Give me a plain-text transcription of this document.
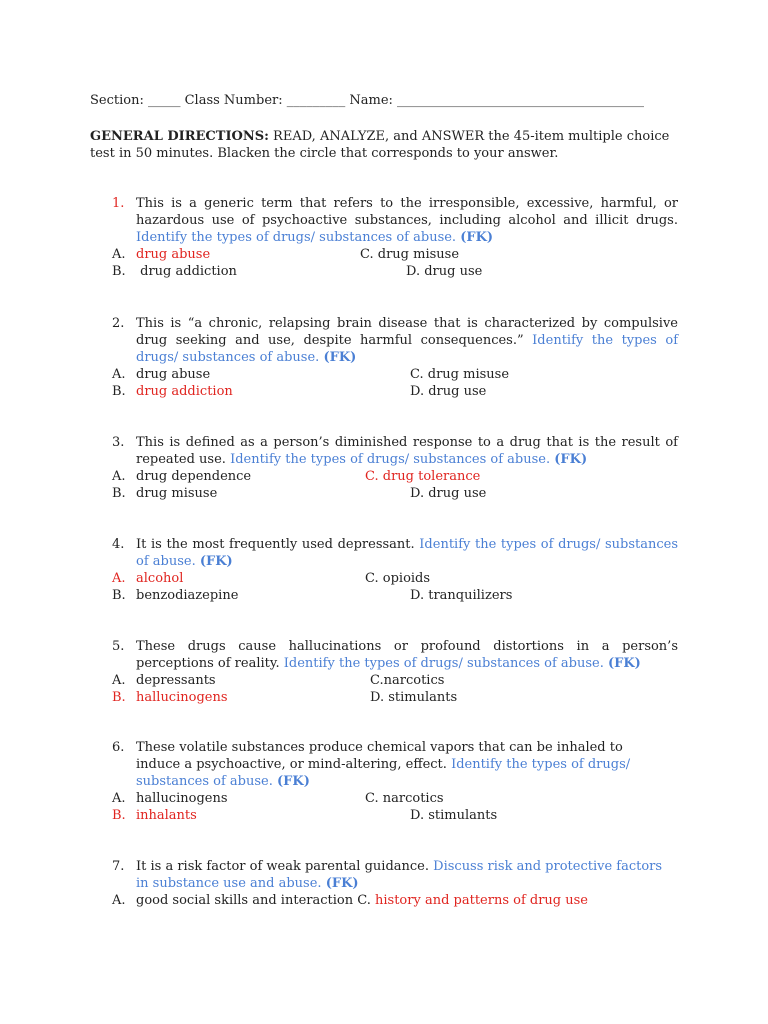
Section: _____ Class Number: _________ Name: ______________________________________
GENERAL DIRECTIONS: READ, ANALYZE, and ANSWER the 45-item multiple choice test in 50 minutes. Blacken the circle that corresponds to your answer.
1. This is a generic term that refers to the irresponsible, excessive, harmful, or hazardous use of psychoactive substances, including alcohol and illicit drugs. Identify the types of drugs/ substances of abuse. (FK)
A. drug abuse	C. drug misuse
B. drug addiction	D. drug use
2. This is “a chronic, relapsing brain disease that is characterized by compulsive drug seeking and use, despite harmful consequences.” Identify the types of drugs/ substances of abuse. (FK)
A. drug abuse	C. drug misuse
B. drug addiction	D. drug use
3. This is defined as a person’s diminished response to a drug that is the result of repeated use. Identify the types of drugs/ substances of abuse. (FK)
A. drug dependence	C. drug tolerance
B. drug misuse	D. drug use
4. It is the most frequently used depressant. Identify the types of drugs/ substances of abuse. (FK)
A. alcohol	C. opioids
B. benzodiazepine	D. tranquilizers
5. These drugs cause hallucinations or profound distortions in a person’s perceptions of reality. Identify the types of drugs/ substances of abuse. (FK)
A. depressants	C.narcotics
B. hallucinogens	D. stimulants
6. These volatile substances produce chemical vapors that can be inhaled to induce a psychoactive, or mind-altering, effect. Identify the types of drugs/ substances of abuse. (FK)
A. hallucinogens	C. narcotics
B. inhalants	D. stimulants
7. It is a risk factor of weak parental guidance. Discuss risk and protective factors in substance use and abuse. (FK)
A. good social skills and interaction C. history and patterns of drug use
